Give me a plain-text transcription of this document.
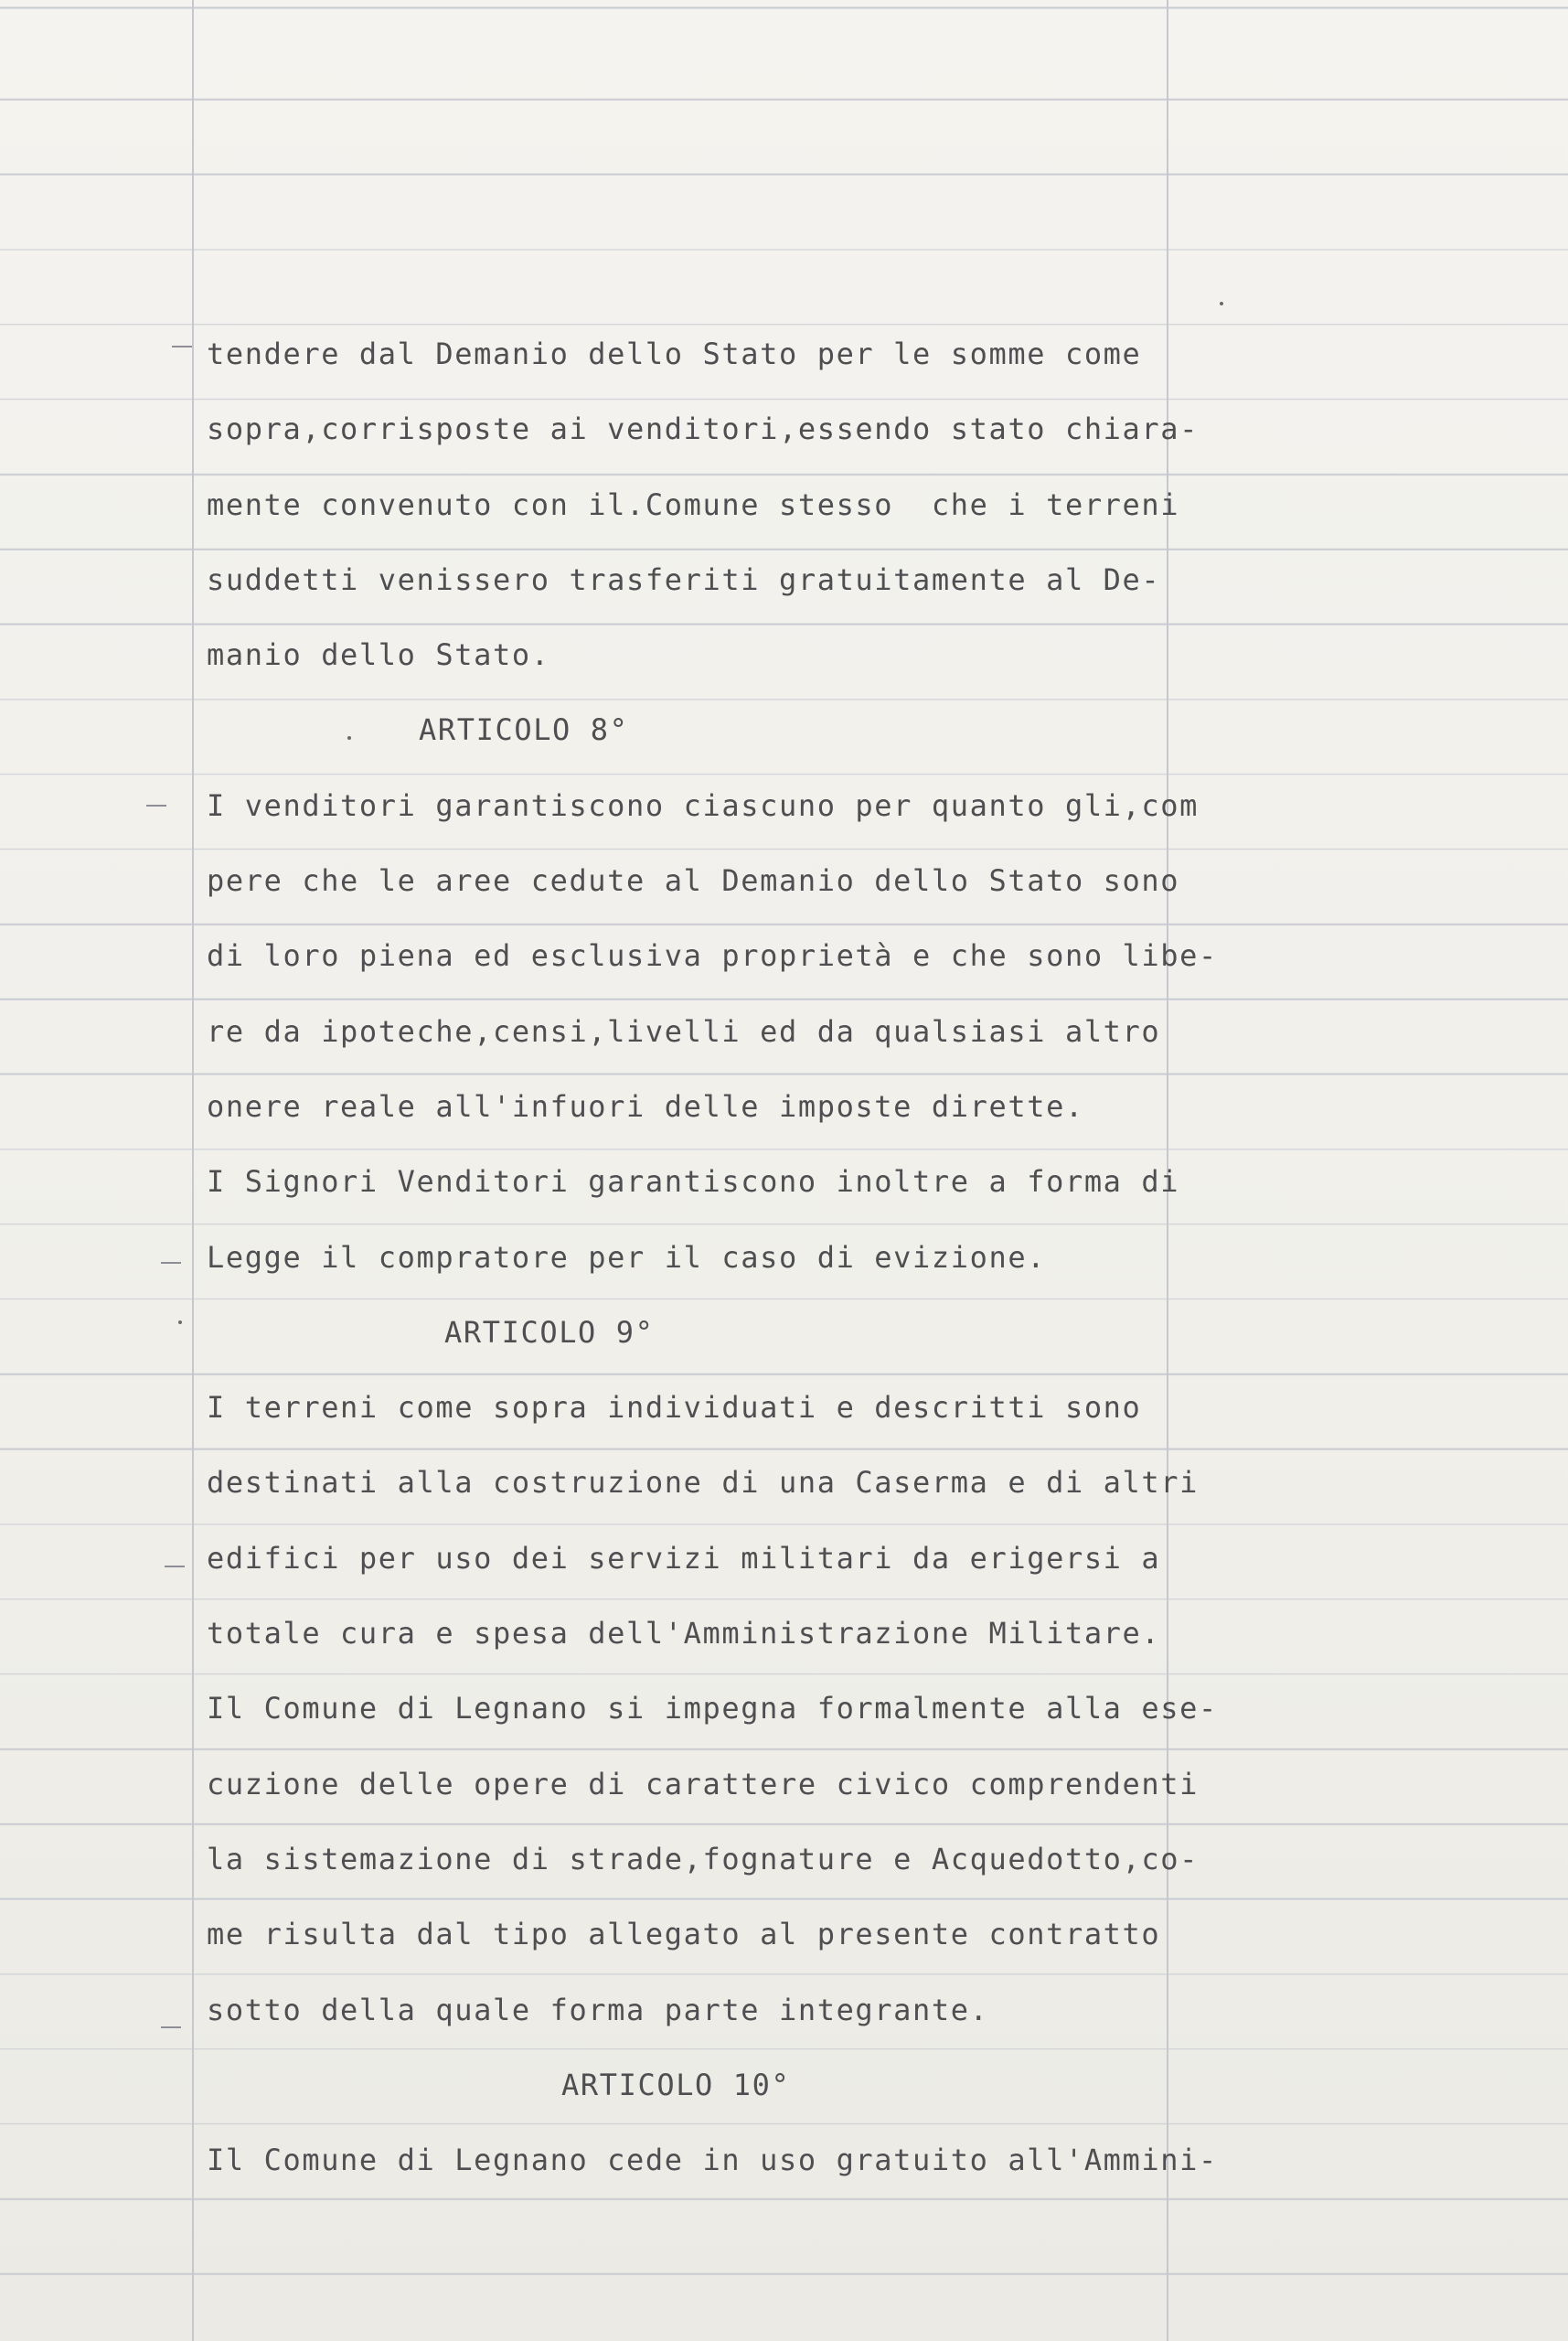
tendere dal Demanio dello Stato per le somme come
sopra,corrisposte ai venditori,essendo stato chiara-
mente convenuto con il.Comune stesso  che i terreni
suddetti venissero trasferiti gratuitamente al De-
manio dello Stato.
ARTICOLO 8°
I venditori garantiscono ciascuno per quanto gli,com
pere che le aree cedute al Demanio dello Stato sono
di loro piena ed esclusiva proprietà e che sono libe-
re da ipoteche,censi,livelli ed da qualsiasi altro
onere reale all'infuori delle imposte dirette.
I Signori Venditori garantiscono inoltre a forma di
Legge il compratore per il caso di evizione.
ARTICOLO 9°
I terreni come sopra individuati e descritti sono
destinati alla costruzione di una Caserma e di altri
edifici per uso dei servizi militari da erigersi a
totale cura e spesa dell'Amministrazione Militare.
Il Comune di Legnano si impegna formalmente alla ese-
cuzione delle opere di carattere civico comprendenti
la sistemazione di strade,fognature e Acquedotto,co-
me risulta dal tipo allegato al presente contratto
sotto della quale forma parte integrante.
ARTICOLO 10°
Il Comune di Legnano cede in uso gratuito all'Ammini-
